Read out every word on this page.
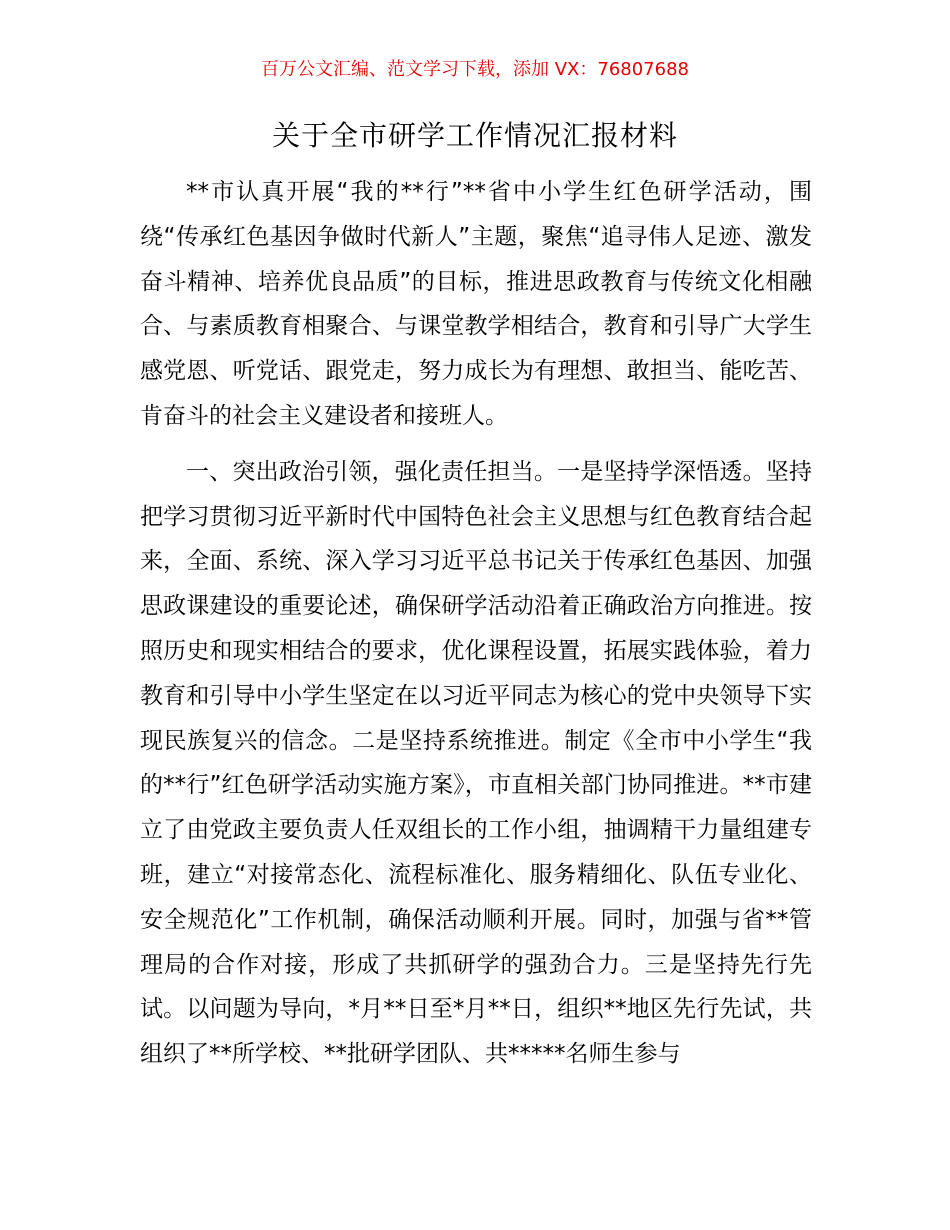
百万公文汇编、范文学习下载，添加 VX：76807688
关于全市研学工作情况汇报材料

**市认真开展“我的**行”**省中小学生红色研学活动，围绕“传承红色基因争做时代新人”主题，聚焦“追寻伟人足迹、激发奋斗精神、培养优良品质”的目标，推进思政教育与传统文化相融合、与素质教育相聚合、与课堂教学相结合，教育和引导广大学生感党恩、听党话、跟党走，努力成长为有理想、敢担当、能吃苦、肯奋斗的社会主义建设者和接班人。

一、突出政治引领，强化责任担当。一是坚持学深悟透。坚持把学习贯彻习近平新时代中国特色社会主义思想与红色教育结合起来，全面、系统、深入学习习近平总书记关于传承红色基因、加强思政课建设的重要论述，确保研学活动沿着正确政治方向推进。按照历史和现实相结合的要求，优化课程设置，拓展实践体验，着力教育和引导中小学生坚定在以习近平同志为核心的党中央领导下实现民族复兴的信念。二是坚持系统推进。制定《全市中小学生“我的**行”红色研学活动实施方案》，市直相关部门协同推进。**市建立了由党政主要负责人任双组长的工作小组，抽调精干力量组建专班，建立“对接常态化、流程标准化、服务精细化、队伍专业化、安全规范化”工作机制，确保活动顺利开展。同时，加强与省**管理局的合作对接，形成了共抓研学的强劲合力。三是坚持先行先试。以问题为导向，*月**日至*月**日，组织**地区先行先试，共组织了**所学校、**批研学团队、共*****名师生参与
